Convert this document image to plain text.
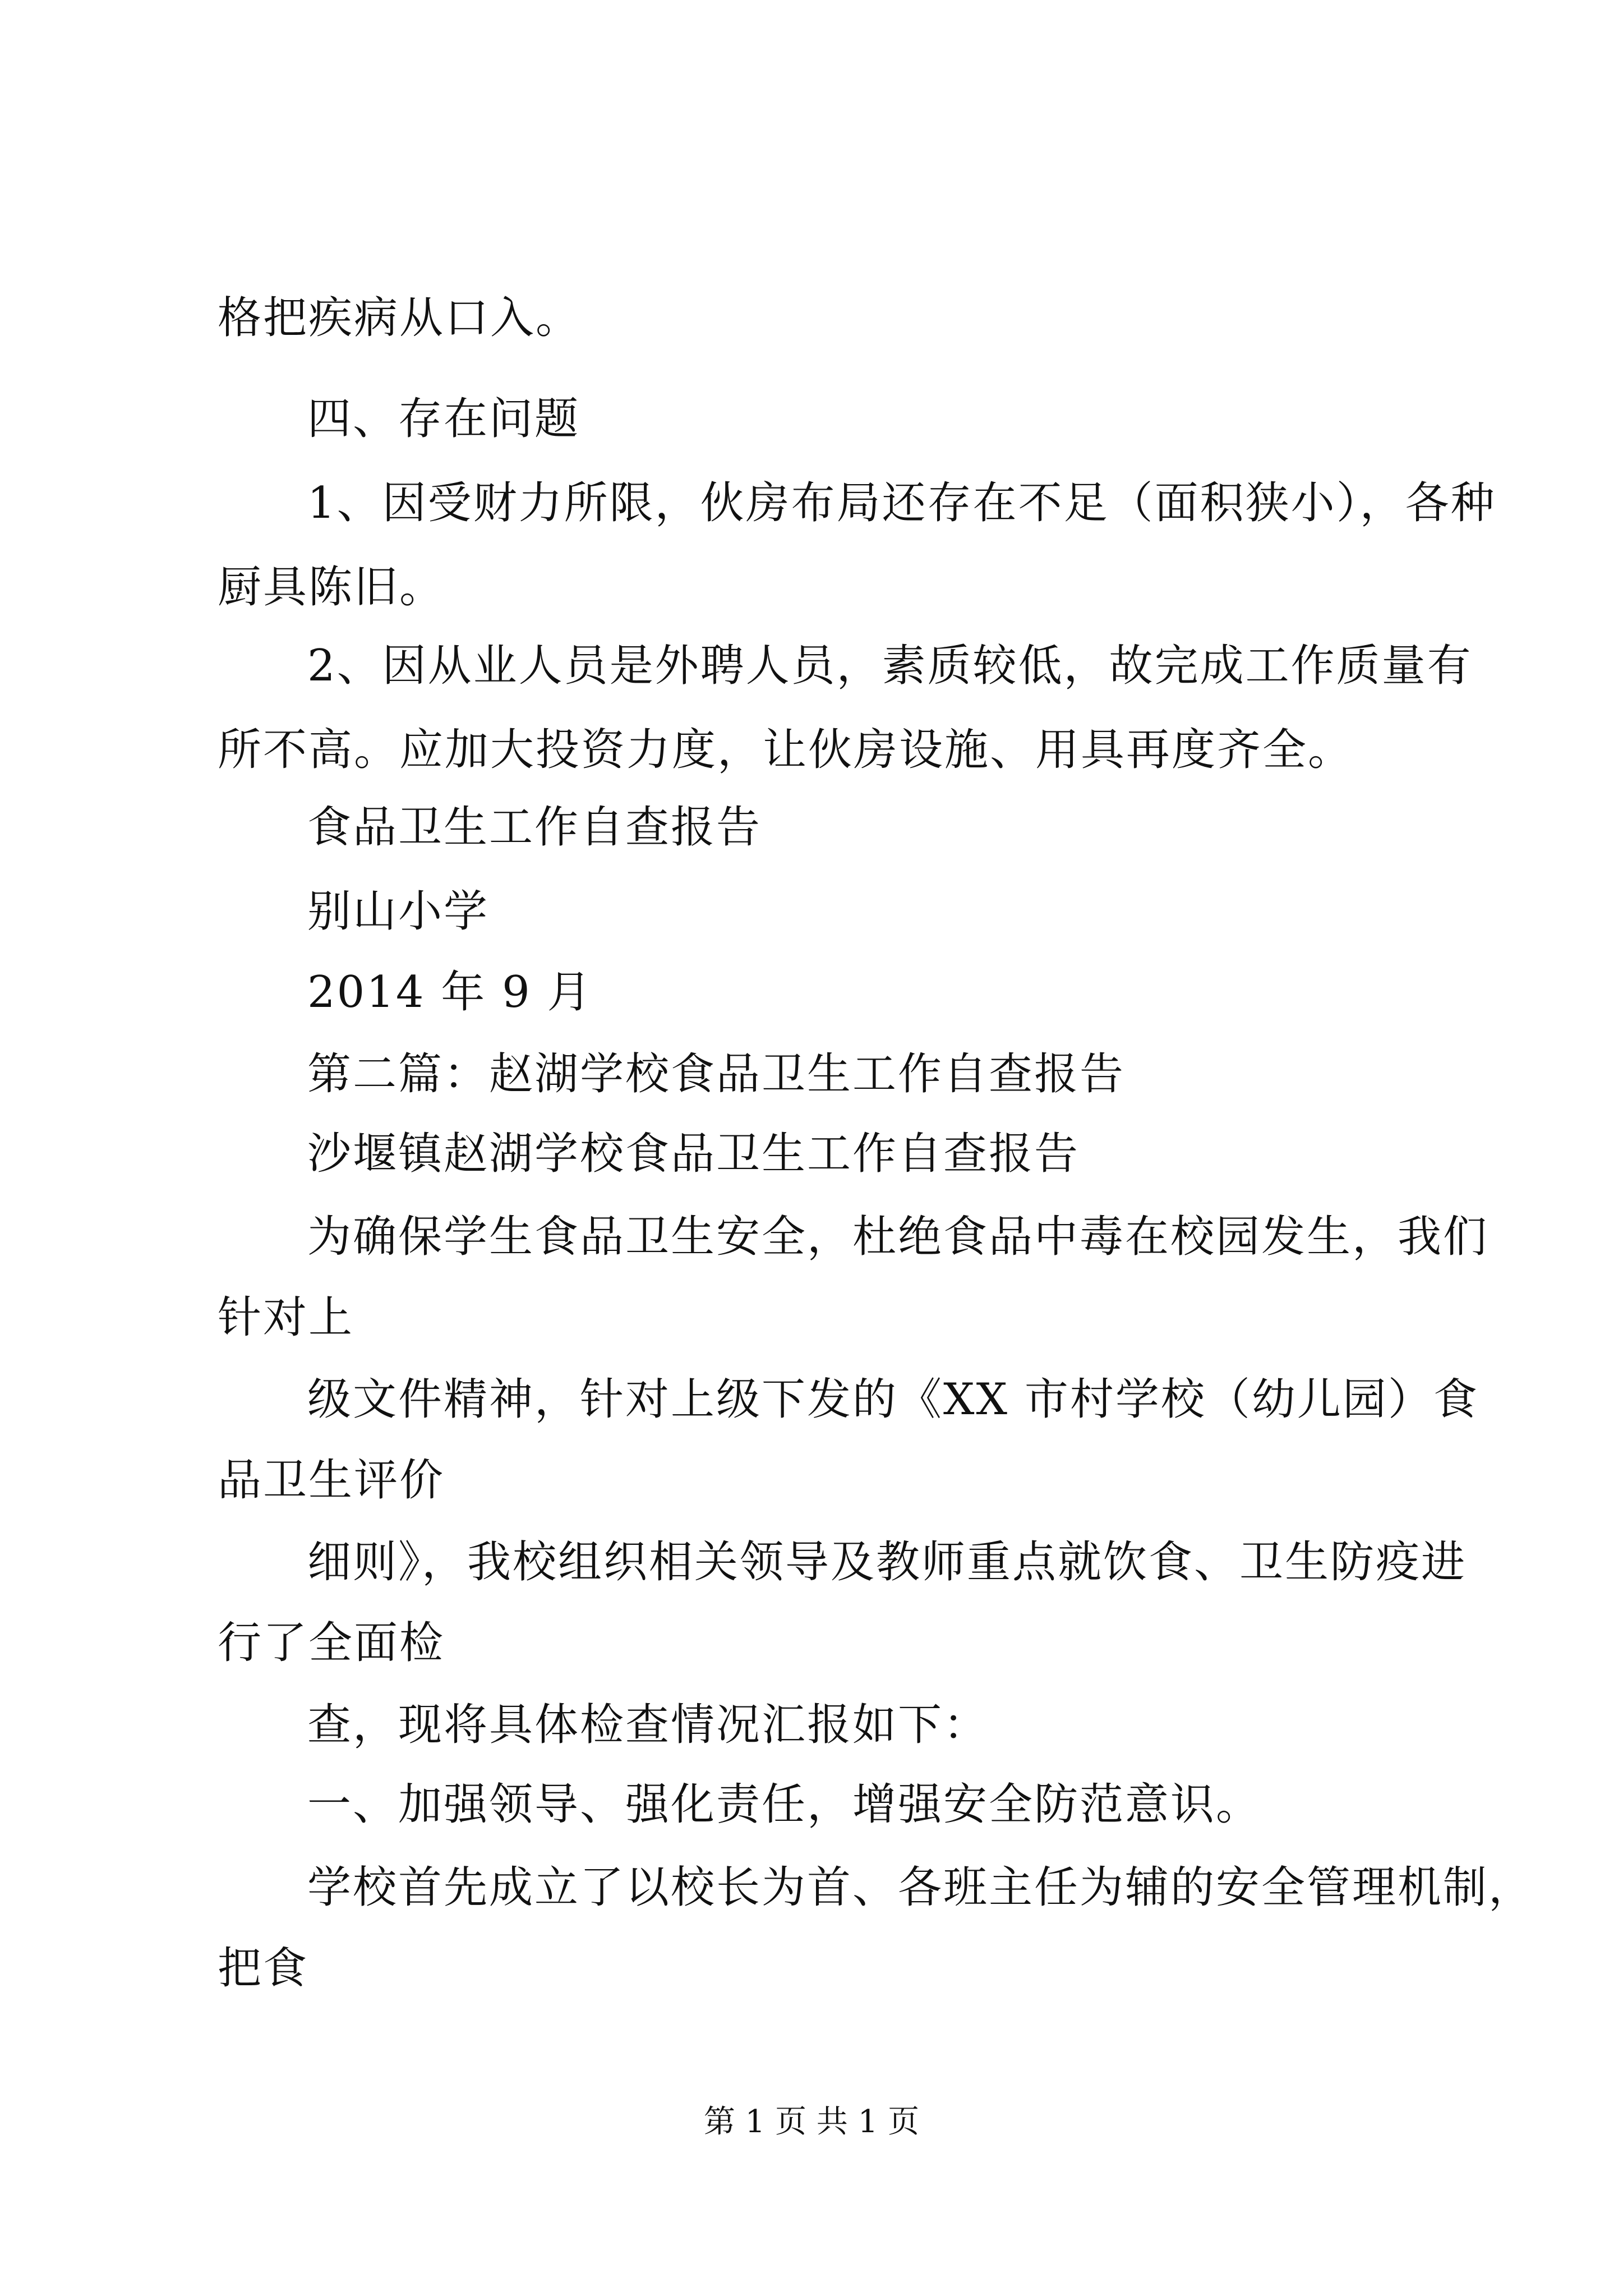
格把疾病从口入。
四、存在问题
1、因受财力所限，伙房布局还存在不足（面积狭小），各种
厨具陈旧。
2、因从业人员是外聘人员，素质较低，故完成工作质量有
所不高。应加大投资力度，让伙房设施、用具再度齐全。
食品卫生工作自查报告
别山小学
2014 年 9 月
第二篇：赵湖学校食品卫生工作自查报告
沙堰镇赵湖学校食品卫生工作自查报告
为确保学生食品卫生安全，杜绝食品中毒在校园发生，我们
针对上
级文件精神，针对上级下发的《XX 市村学校（幼儿园）食
品卫生评价
细则》，我校组织相关领导及教师重点就饮食、卫生防疫进
行了全面检
查，现将具体检查情况汇报如下：
一、加强领导、强化责任，增强安全防范意识。
学校首先成立了以校长为首、各班主任为辅的安全管理机制，
把食
第 1 页 共 1 页
